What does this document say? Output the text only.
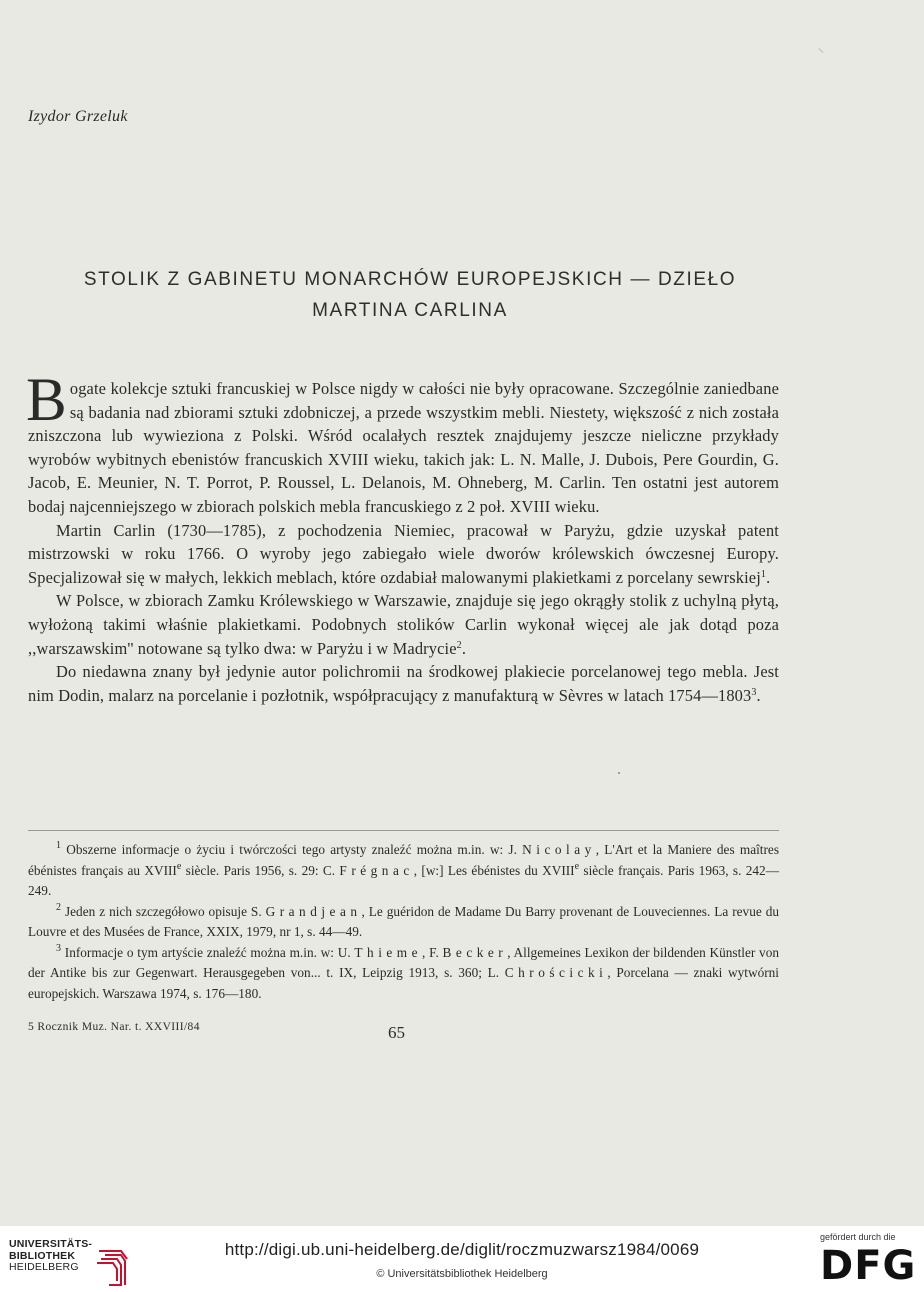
Izydor Grzeluk
STOLIK Z GABINETU MONARCHÓW EUROPEJSKICH — DZIEŁO
MARTINA CARLINA

Bogate kolekcje sztuki francuskiej w Polsce nigdy w całości nie były opracowane. Szczególnie zaniedbane są badania nad zbiorami sztuki zdobniczej, a przede wszystkim mebli. Niestety, większość z nich została zniszczona lub wywieziona z Polski. Wśród ocalałych resztek znajdujemy jeszcze nieliczne przykłady wyrobów wybitnych ebenistów francuskich XVIII wieku, takich jak: L. N. Malle, J. Dubois, Pere Gourdin, G. Jacob, E. Meunier, N. T. Porrot, P. Roussel, L. Delanois, M. Ohneberg, M. Carlin. Ten ostatni jest autorem bodaj najcenniejszego w zbiorach polskich mebla francuskiego z 2 poł. XVIII wieku.

Martin Carlin (1730—1785), z pochodzenia Niemiec, pracował w Paryżu, gdzie uzyskał patent mistrzowski w roku 1766. O wyroby jego zabiegało wiele dworów królewskich ówczesnej Europy. Specjalizował się w małych, lekkich meblach, które ozdabiał malowanymi plakietkami z porcelany sewrskiej$^1$.

W Polsce, w zbiorach Zamku Królewskiego w Warszawie, znajduje się jego okrągły stolik z uchylną płytą, wyłożoną takimi właśnie plakietkami. Podobnych stolików Carlin wykonał więcej ale jak dotąd poza ,,warszawskim'' notowane są tylko dwa: w Paryżu i w Madrycie$^2$.

Do niedawna znany był jedynie autor polichromii na środkowej plakiecie porcelanowej tego mebla. Jest nim Dodin, malarz na porcelanie i pozłotnik, współpracujący z manufakturą w Sèvres w latach 1754—1803$^3$.

$^1$ Obszerne informacje o życiu i twórczości tego artysty znaleźć można m.in. w: J. Nicolay, L'Art et la Maniere des maîtres ébénistes français au XVIIIe siècle. Paris 1956, s. 29: C. Frégnac, [w:] Les ébénistes du XVIIIe siècle français. Paris 1963, s. 242—249.

$^2$ Jeden z nich szczegółowo opisuje S. Grandjean, Le guéridon de Madame Du Barry provenant de Louveciennes. La revue du Louvre et des Musées de France, XXIX, 1979, nr 1, s. 44—49.

$^3$ Informacje o tym artyście znaleźć można m.in. w: U. Thieme, F. Becker, Allgemeines Lexikon der bildenden Künstler von der Antike bis zur Gegenwart. Herausgegeben von... t. IX, Leipzig 1913, s. 360; L. Chrościcki, Porcelana — znaki wytwórni europejskich. Warszawa 1974, s. 176—180.

5 Rocznik Muz. Nar. t. XXVIII/84	65
UNIVERSITÄTS-
BIBLIOTHEK
HEIDELBERG
http://digi.ub.uni-heidelberg.de/diglit/roczmuzwarsz1984/0069
© Universitätsbibliothek Heidelberg
gefördert durch die
DFG
